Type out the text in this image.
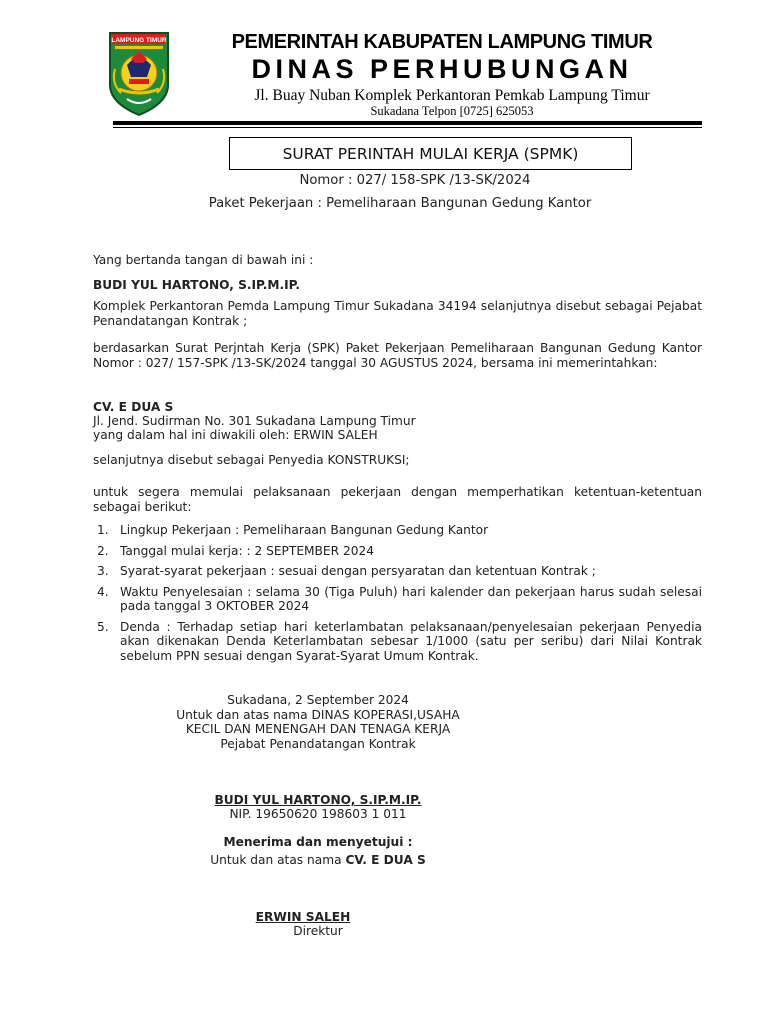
LAMPUNG TIMUR	PEMERINTAH KABUPATEN LAMPUNG TIMUR
DINAS PERHUBUNGAN
Jl. Buay Nuban Komplek Perkantoran Pemkab Lampung Timur
Sukadana Telpon [0725] 625053
SURAT PERINTAH MULAI KERJA (SPMK)
Nomor : 027/ 158-SPK /13-SK/2024
Paket Pekerjaan : Pemeliharaan Bangunan Gedung Kantor
Yang bertanda tangan di bawah ini :
BUDI YUL HARTONO, S.IP.M.IP.
Komplek Perkantoran Pemda Lampung Timur Sukadana 34194 selanjutnya disebut sebagai Pejabat Penandatangan Kontrak ;
berdasarkan Surat Perjntah Kerja (SPK) Paket Pekerjaan Pemeliharaan Bangunan Gedung Kantor Nomor : 027/ 157-SPK /13-SK/2024 tanggal 30 AGUSTUS 2024, bersama ini memerintahkan:
CV. E DUA S
Jl. Jend. Sudirman No. 301 Sukadana Lampung Timur
yang dalam hal ini diwakili oleh: ERWIN SALEH
selanjutnya disebut sebagai Penyedia KONSTRUKSI;
untuk segera memulai pelaksanaan pekerjaan dengan memperhatikan ketentuan-ketentuan sebagai berikut:
1. Lingkup Pekerjaan : Pemeliharaan Bangunan Gedung Kantor
2. Tanggal mulai kerja: : 2 SEPTEMBER 2024
3. Syarat-syarat pekerjaan : sesuai dengan persyaratan dan ketentuan Kontrak ;
4. Waktu Penyelesaian : selama 30 (Tiga Puluh) hari kalender dan pekerjaan harus sudah selesai pada tanggal 3 OKTOBER 2024
5. Denda : Terhadap setiap hari keterlambatan pelaksanaan/penyelesaian pekerjaan Penyedia akan dikenakan Denda Keterlambatan sebesar 1/1000 (satu per seribu) dari Nilai Kontrak sebelum PPN sesuai dengan Syarat-Syarat Umum Kontrak.
Sukadana, 2 September 2024
Untuk dan atas nama DINAS KOPERASI,USAHA
KECIL DAN MENENGAH DAN TENAGA KERJA
Pejabat Penandatangan Kontrak
BUDI YUL HARTONO, S.IP.M.IP.
NIP. 19650620 198603 1 011
Menerima dan menyetujui :
Untuk dan atas nama CV. E DUA S
ERWIN SALEH
Direktur
